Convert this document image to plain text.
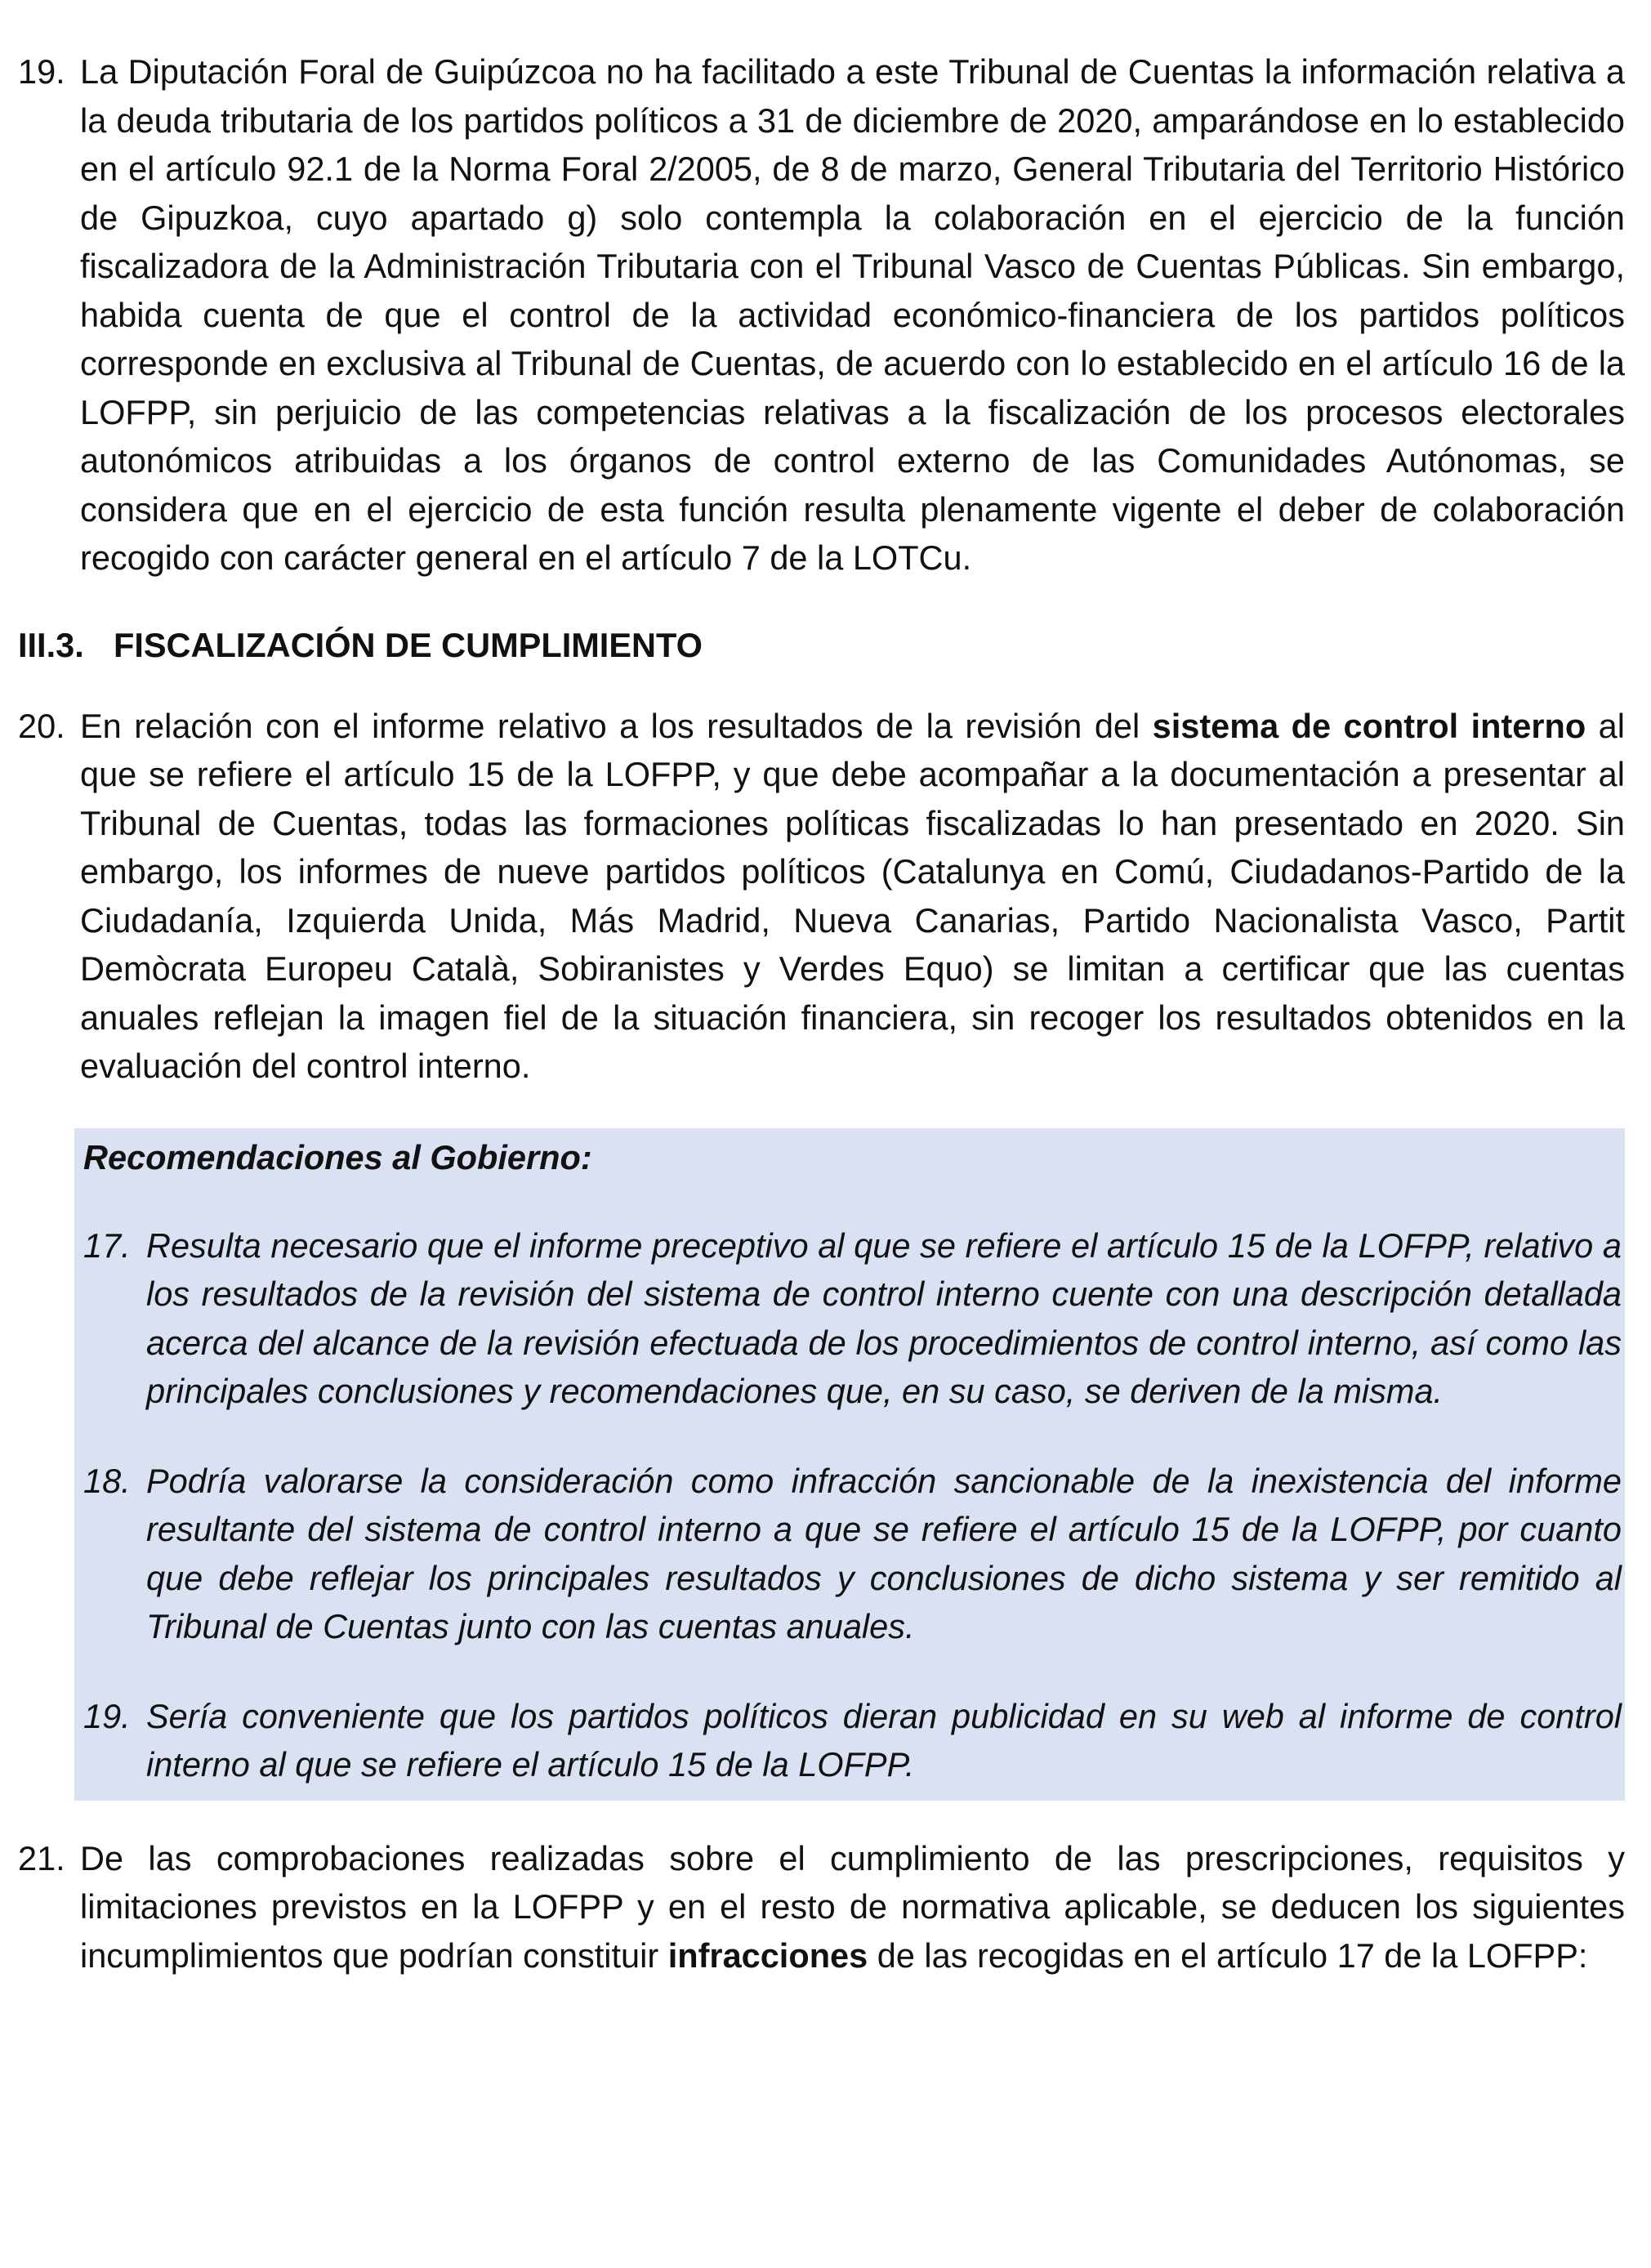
19. La Diputación Foral de Guipúzcoa no ha facilitado a este Tribunal de Cuentas la información relativa a la deuda tributaria de los partidos políticos a 31 de diciembre de 2020, amparándose en lo establecido en el artículo 92.1 de la Norma Foral 2/2005, de 8 de marzo, General Tributaria del Territorio Histórico de Gipuzkoa, cuyo apartado g) solo contempla la colaboración en el ejercicio de la función fiscalizadora de la Administración Tributaria con el Tribunal Vasco de Cuentas Públicas. Sin embargo, habida cuenta de que el control de la actividad económico-financiera de los partidos políticos corresponde en exclusiva al Tribunal de Cuentas, de acuerdo con lo establecido en el artículo 16 de la LOFPP, sin perjuicio de las competencias relativas a la fiscalización de los procesos electorales autonómicos atribuidas a los órganos de control externo de las Comunidades Autónomas, se considera que en el ejercicio de esta función resulta plenamente vigente el deber de colaboración recogido con carácter general en el artículo 7 de la LOTCu.
III.3. FISCALIZACIÓN DE CUMPLIMIENTO
20. En relación con el informe relativo a los resultados de la revisión del sistema de control interno al que se refiere el artículo 15 de la LOFPP, y que debe acompañar a la documentación a presentar al Tribunal de Cuentas, todas las formaciones políticas fiscalizadas lo han presentado en 2020. Sin embargo, los informes de nueve partidos políticos (Catalunya en Comú, Ciudadanos-Partido de la Ciudadanía, Izquierda Unida, Más Madrid, Nueva Canarias, Partido Nacionalista Vasco, Partit Demòcrata Europeu Català, Sobiranistes y Verdes Equo) se limitan a certificar que las cuentas anuales reflejan la imagen fiel de la situación financiera, sin recoger los resultados obtenidos en la evaluación del control interno.
Recomendaciones al Gobierno:
17. Resulta necesario que el informe preceptivo al que se refiere el artículo 15 de la LOFPP, relativo a los resultados de la revisión del sistema de control interno cuente con una descripción detallada acerca del alcance de la revisión efectuada de los procedimientos de control interno, así como las principales conclusiones y recomendaciones que, en su caso, se deriven de la misma.
18. Podría valorarse la consideración como infracción sancionable de la inexistencia del informe resultante del sistema de control interno a que se refiere el artículo 15 de la LOFPP, por cuanto que debe reflejar los principales resultados y conclusiones de dicho sistema y ser remitido al Tribunal de Cuentas junto con las cuentas anuales.
19. Sería conveniente que los partidos políticos dieran publicidad en su web al informe de control interno al que se refiere el artículo 15 de la LOFPP.
21. De las comprobaciones realizadas sobre el cumplimiento de las prescripciones, requisitos y limitaciones previstos en la LOFPP y en el resto de normativa aplicable, se deducen los siguientes incumplimientos que podrían constituir infracciones de las recogidas en el artículo 17 de la LOFPP:
